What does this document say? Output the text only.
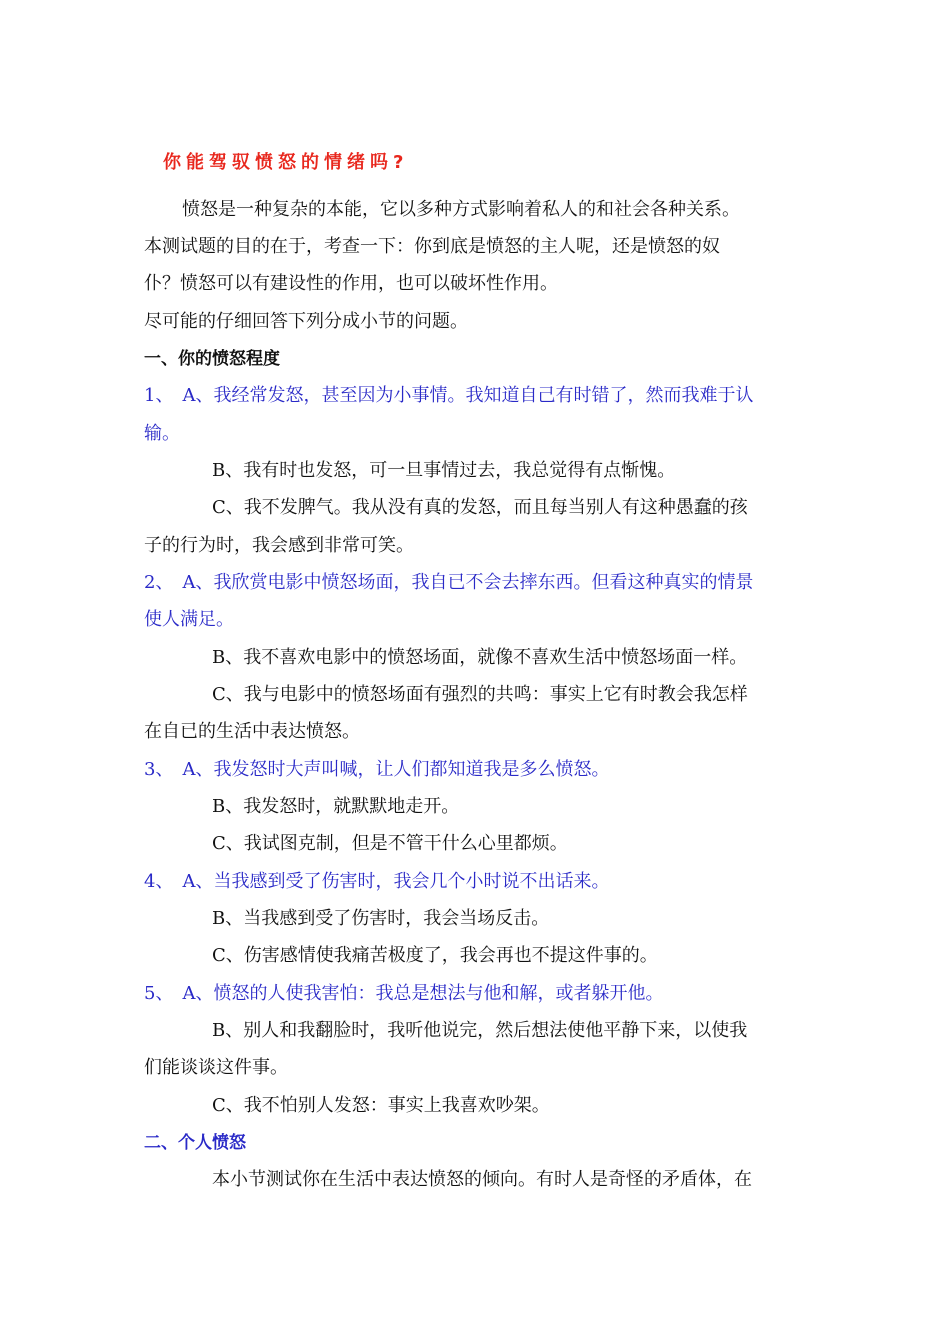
你能驾驭愤怒的情绪吗?
愤怒是一种复杂的本能，它以多种方式影响着私人的和社会各种关系。
本测试题的目的在于，考查一下：你到底是愤怒的主人呢，还是愤怒的奴
仆？愤怒可以有建设性的作用，也可以破坏性作用。
尽可能的仔细回答下列分成小节的问题。
一、你的愤怒程度
1、　A、我经常发怒，甚至因为小事情。我知道自己有时错了，然而我难于认
输。
B、我有时也发怒，可一旦事情过去，我总觉得有点惭愧。
C、我不发脾气。我从没有真的发怒，而且每当别人有这种愚蠢的孩
子的行为时，我会感到非常可笑。
2、　A、我欣赏电影中愤怒场面，我自已不会去摔东西。但看这种真实的情景
使人满足。
B、我不喜欢电影中的愤怒场面，就像不喜欢生活中愤怒场面一样。
C、我与电影中的愤怒场面有强烈的共鸣：事实上它有时教会我怎样
在自已的生活中表达愤怒。
3、　A、我发怒时大声叫喊，让人们都知道我是多么愤怒。
B、我发怒时，就默默地走开。
C、我试图克制，但是不管干什么心里都烦。
4、　A、当我感到受了伤害时，我会几个小时说不出话来。
B、当我感到受了伤害时，我会当场反击。
C、伤害感情使我痛苦极度了，我会再也不提这件事的。
5、　A、愤怒的人使我害怕：我总是想法与他和解，或者躲开他。
B、别人和我翻脸时，我听他说完，然后想法使他平静下来，以使我
们能谈谈这件事。
C、我不怕别人发怒：事实上我喜欢吵架。
二、个人愤怒
本小节测试你在生活中表达愤怒的倾向。有时人是奇怪的矛盾体，在
